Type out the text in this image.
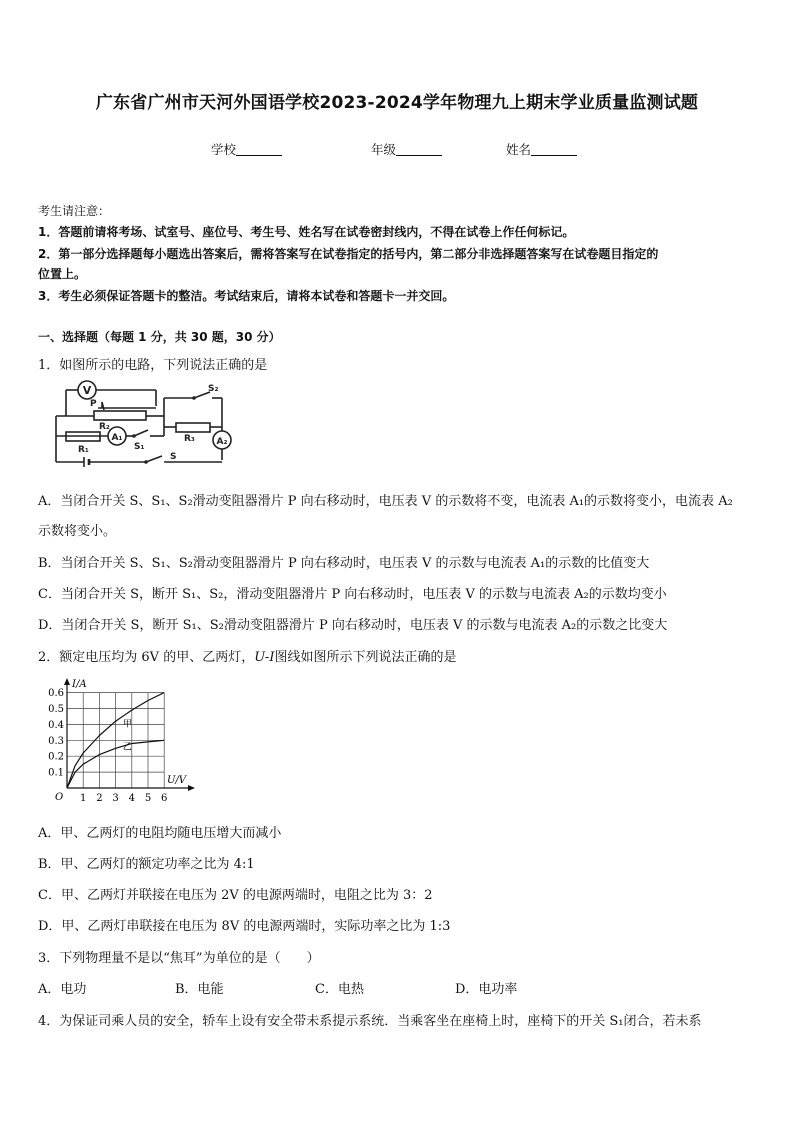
广东省广州市天河外国语学校2023-2024学年物理九上期末学业质量监测试题
学校	年级	姓名
考生请注意：
1．答题前请将考场、试室号、座位号、考生号、姓名写在试卷密封线内，不得在试卷上作任何标记。
2．第一部分选择题每小题选出答案后，需将答案写在试卷指定的括号内，第二部分非选择题答案写在试卷题目指定的
位置上。
3．考生必须保证答题卡的整洁。考试结束后，请将本试卷和答题卡一并交回。
一、选择题（每题 1 分，共 30 题，30 分）
1．如图所示的电路，下列说法正确的是
V
P
R₂
A₁
S₁
S₂
R₃ A₂
R₁
S
A．当闭合开关 S、S₁、S₂滑动变阻器滑片 P 向右移动时，电压表 V 的示数将不变，电流表 A₁的示数将变小，电流表 A₂
示数将变小。
B．当闭合开关 S、S₁、S₂滑动变阻器滑片 P 向右移动时，电压表 V 的示数与电流表 A₁的示数的比值变大
C．当闭合开关 S，断开 S₁、S₂，滑动变阻器滑片 P 向右移动时，电压表 V 的示数与电流表 A₂的示数均变小
D．当闭合开关 S，断开 S₁、S₂滑动变阻器滑片 P 向右移动时，电压表 V 的示数与电流表 A₂的示数之比变大
2．额定电压均为 6V 的甲、乙两灯，U-I图线如图所示下列说法正确的是
1 2 3 4 5 6
0.1
0.2
0.3
0.4
0.5
0.6
甲
乙
I/A
U/V
O
A．甲、乙两灯的电阻均随电压增大而减小
B．甲、乙两灯的额定功率之比为 4:1
C．甲、乙两灯并联接在电压为 2V 的电源两端时，电阻之比为 3：2
D．甲、乙两灯串联接在电压为 8V 的电源两端时，实际功率之比为 1:3
3．下列物理量不是以“焦耳”为单位的是（　　）
A．电功	B．电能	C．电热	D．电功率
4．为保证司乘人员的安全，轿车上设有安全带未系提示系统．当乘客坐在座椅上时，座椅下的开关 S₁闭合，若未系
